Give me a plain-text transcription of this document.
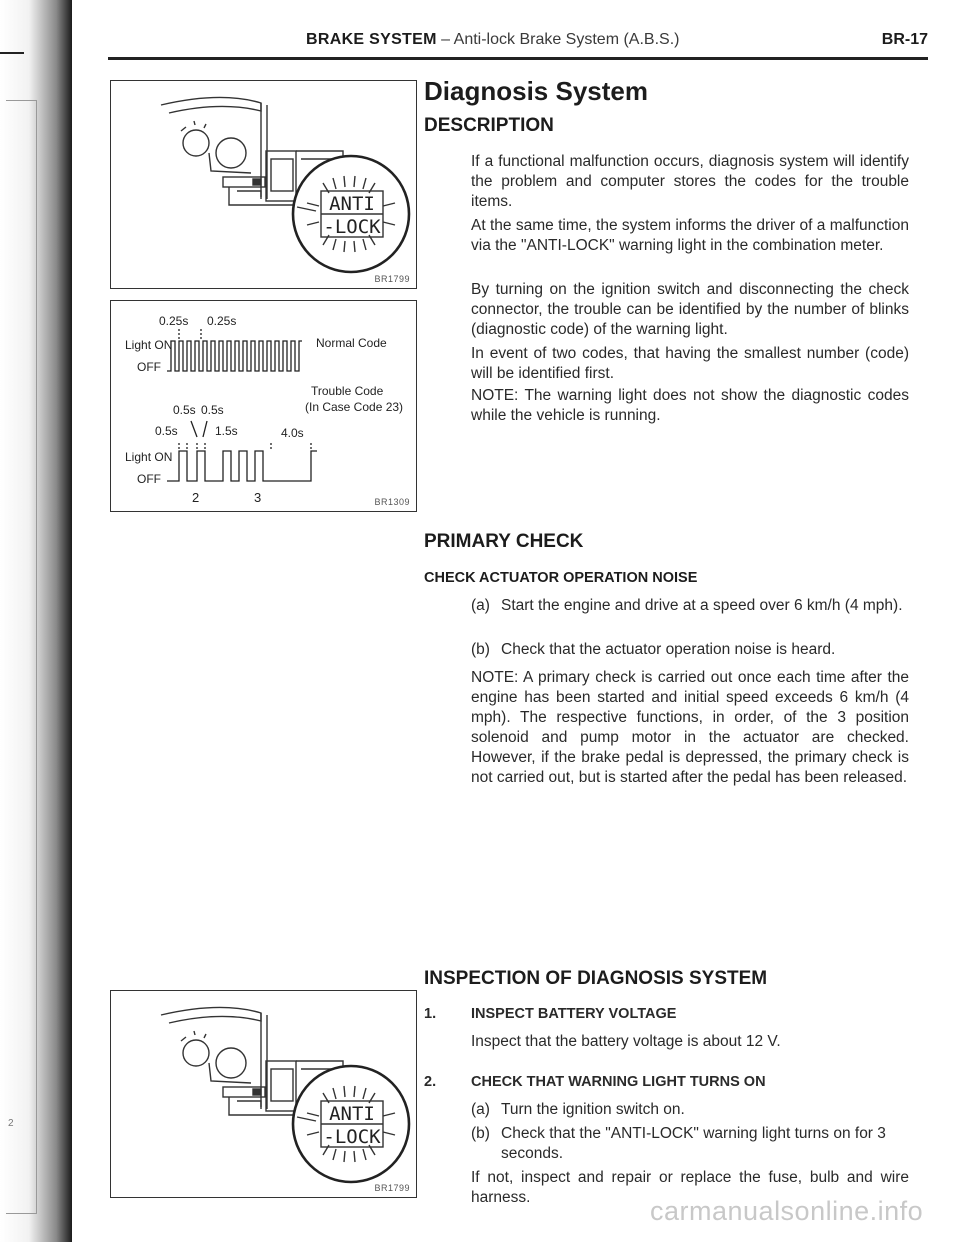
2
BRAKE SYSTEM – Anti-lock Brake System (A.B.S.)	BR-17
ANTI
-LOCK
BR1799
0.25s 0.25s
Light ON
OFF
Normal Code
Trouble Code
(In Case Code 23)
0.5s 0.5s
0.5s	1.5s	4.0s
Light ON
OFF
2	3	BR1309
ANTI
-LOCK
BR1799
Diagnosis System
DESCRIPTION

If a functional malfunction occurs, diagnosis system will identify the problem and computer stores the codes for the trouble items.

At the same time, the system informs the driver of a malfunction via the "ANTI-LOCK" warning light in the combination meter.

By turning on the ignition switch and disconnecting the check connector, the trouble can be identified by the number of blinks (diagnostic code) of the warning light.

In event of two codes, that having the smallest number (code) will be identified first.

NOTE: The warning light does not show the diagnostic codes while the vehicle is running.

PRIMARY CHECK
CHECK ACTUATOR OPERATION NOISE
(a) Start the engine and drive at a speed over 6 km/h (4 mph).
(b) Check that the actuator operation noise is heard.

NOTE: A primary check is carried out once each time after the engine has been started and initial speed exceeds 6 km/h (4 mph). The respective functions, in order, of the 3 position solenoid and pump motor in the actuator are checked. However, if the brake pedal is depressed, the primary check is not carried out, but is started after the pedal has been released.

INSPECTION OF DIAGNOSIS SYSTEM
1. INSPECT BATTERY VOLTAGE

Inspect that the battery voltage is about 12 V.

2. CHECK THAT WARNING LIGHT TURNS ON
(a) Turn the ignition switch on.
(b) Check that the "ANTI-LOCK" warning light turns on for 3 seconds.

If not, inspect and repair or replace the fuse, bulb and wire harness.	carmanualsonline.info
